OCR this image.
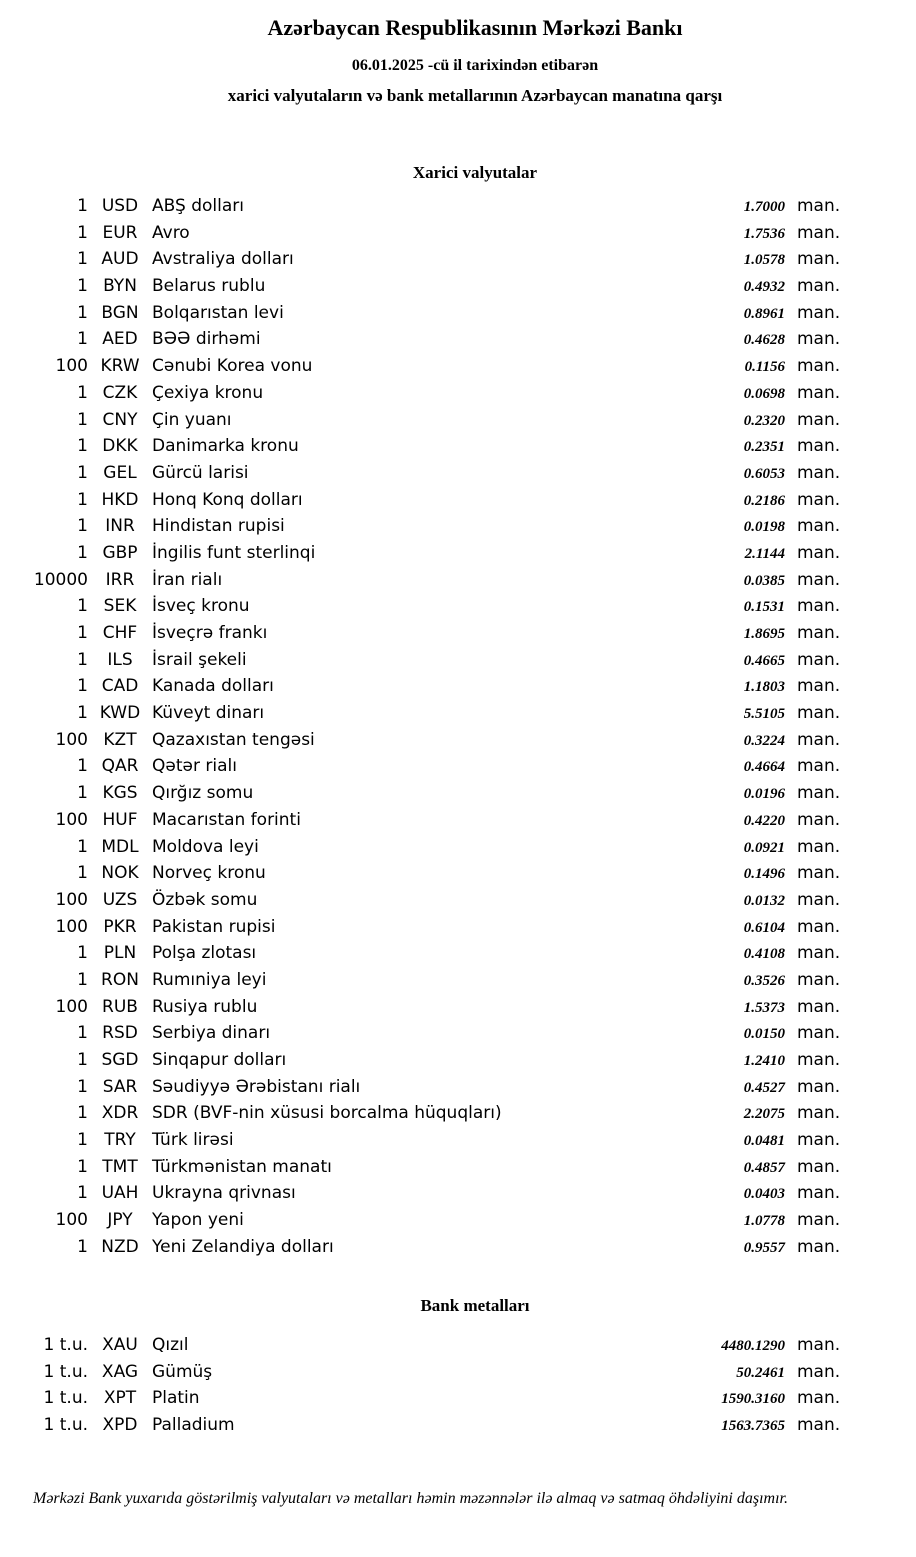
Azərbaycan Respublikasının Mərkəzi Bankı
06.01.2025 -cü il tarixindən etibarən
xarici valyutaların və bank metallarının Azərbaycan manatına qarşı
Xarici valyutalar
1 USD ABŞ dolları	1.7000 man.
1 EUR Avro	1.7536 man.
1 AUD Avstraliya dolları	1.0578 man.
1 BYN Belarus rublu	0.4932 man.
1 BGN Bolqarıstan levi	0.8961 man.
1 AED BƏƏ dirhəmi	0.4628 man.
100 KRW Cənubi Korea vonu	0.1156 man.
1 CZK Çexiya kronu	0.0698 man.
1 CNY Çin yuanı	0.2320 man.
1 DKK Danimarka kronu	0.2351 man.
1 GEL Gürcü larisi	0.6053 man.
1 HKD Honq Konq dolları	0.2186 man.
1	INR	Hindistan rupisi	0.0198 man.
1 GBP İngilis funt sterlinqi	2.1144 man.
10000	IRR	İran rialı	0.0385 man.
1 SEK İsveç kronu	0.1531 man.
1 CHF İsveçrə frankı	1.8695 man.
1	ILS	İsrail şekeli	0.4665 man.
1 CAD Kanada dolları	1.1803 man.
1 KWD Küveyt dinarı	5.5105 man.
100 KZT Qazaxıstan tengəsi	0.3224 man.
1 QAR Qətər rialı	0.4664 man.
1 KGS Qırğız somu	0.0196 man.
100 HUF Macarıstan forinti	0.4220 man.
1 MDL Moldova leyi	0.0921 man.
1 NOK Norveç kronu	0.1496 man.
100 UZS Özbək somu	0.0132 man.
100 PKR Pakistan rupisi	0.6104 man.
1 PLN Polşa zlotası	0.4108 man.
1 RON Rumıniya leyi	0.3526 man.
100 RUB Rusiya rublu	1.5373 man.
1 RSD Serbiya dinarı	0.0150 man.
1 SGD Sinqapur dolları	1.2410 man.
1 SAR Səudiyyə Ərəbistanı rialı	0.4527 man.
1 XDR SDR (BVF-nin xüsusi borcalma hüquqları)	2.2075 man.
1 TRY Türk lirəsi	0.0481 man.
1 TMT Türkmənistan manatı	0.4857 man.
1 UAH Ukrayna qrivnası	0.0403 man.
100	JPY	Yapon yeni	1.0778 man.
1 NZD Yeni Zelandiya dolları	0.9557 man.
Bank metalları
1 t.u. XAU Qızıl	4480.1290 man.
1 t.u. XAG Gümüş	50.2461 man.
1 t.u. XPT Platin	1590.3160 man.
1 t.u. XPD Palladium	1563.7365 man.
Mərkəzi Bank yuxarıda göstərilmiş valyutaları və metalları həmin məzənnələr ilə almaq və satmaq öhdəliyini daşımır.
